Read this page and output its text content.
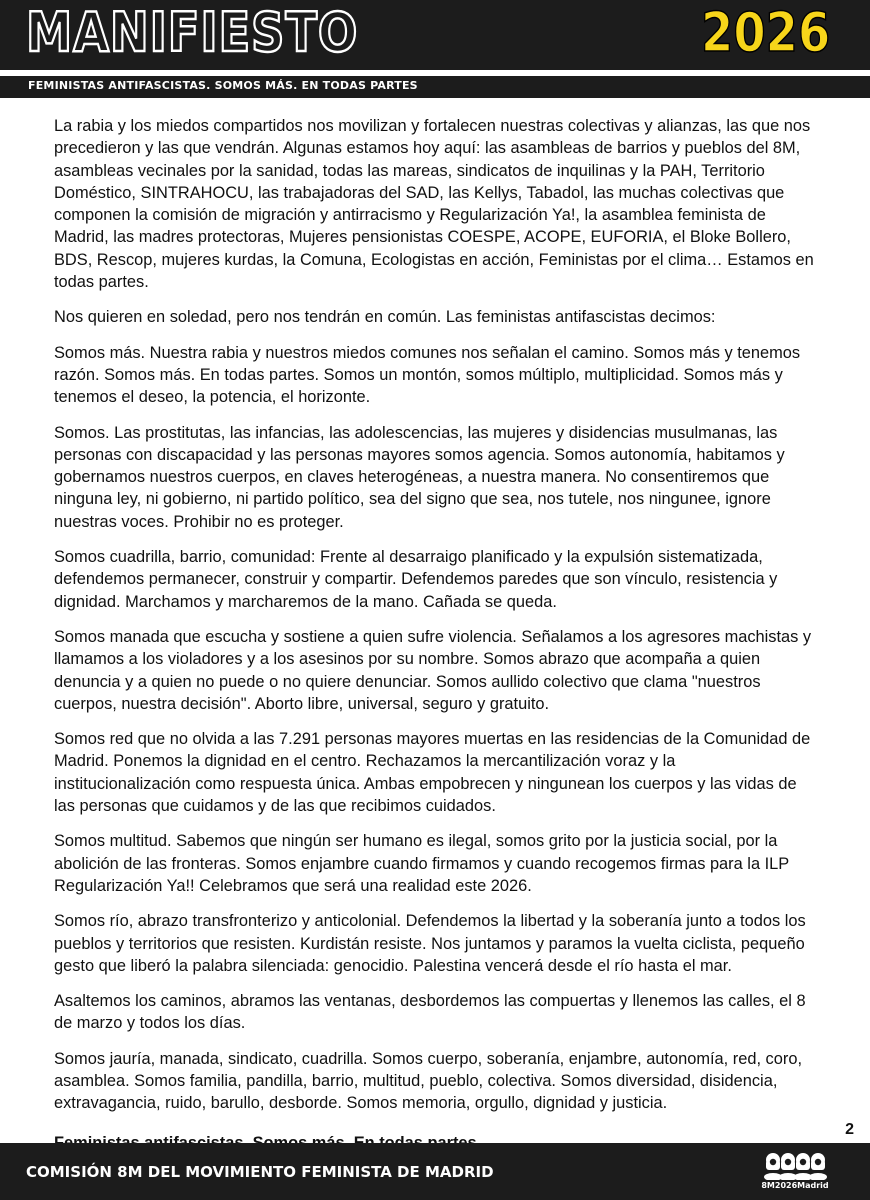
MANIFIESTO	2026
FEMINISTAS ANTIFASCISTAS. SOMOS MÁS. EN TODAS PARTES

La rabia y los miedos compartidos nos movilizan y fortalecen nuestras colectivas y alianzas, las que nos precedieron y las que vendrán. Algunas estamos hoy aquí: las asambleas de barrios y pueblos del 8M, asambleas vecinales por la sanidad, todas las mareas, sindicatos de inquilinas y la PAH, Territorio Doméstico, SINTRAHOCU, las trabajadoras del SAD, las Kellys, Tabadol, las muchas colectivas que componen la comisión de migración y antirracismo y Regularización Ya!, la asamblea feminista de Madrid, las madres protectoras, Mujeres pensionistas COESPE, ACOPE, EUFORIA, el Bloke Bollero, BDS, Rescop, mujeres kurdas, la Comuna, Ecologistas en acción, Feministas por el clima… Estamos en todas partes.

Nos quieren en soledad, pero nos tendrán en común. Las feministas antifascistas decimos:

Somos más. Nuestra rabia y nuestros miedos comunes nos señalan el camino. Somos más y tenemos razón. Somos más. En todas partes. Somos un montón, somos múltiplo, multiplicidad. Somos más y tenemos el deseo, la potencia, el horizonte.

Somos. Las prostitutas, las infancias, las adolescencias, las mujeres y disidencias musulmanas, las personas con discapacidad y las personas mayores somos agencia. Somos autonomía, habitamos y gobernamos nuestros cuerpos, en claves heterogéneas, a nuestra manera. No consentiremos que ninguna ley, ni gobierno, ni partido político, sea del signo que sea, nos tutele, nos ningunee, ignore nuestras voces. Prohibir no es proteger.

Somos cuadrilla, barrio, comunidad: Frente al desarraigo planificado y la expulsión sistematizada, defendemos permanecer, construir y compartir. Defendemos paredes que son vínculo, resistencia y dignidad. Marchamos y marcharemos de la mano. Cañada se queda.

Somos manada que escucha y sostiene a quien sufre violencia. Señalamos a los agresores machistas y llamamos a los violadores y a los asesinos por su nombre. Somos abrazo que acompaña a quien denuncia y a quien no puede o no quiere denunciar. Somos aullido colectivo que clama "nuestros cuerpos, nuestra decisión". Aborto libre, universal, seguro y gratuito.

Somos red que no olvida a las 7.291 personas mayores muertas en las residencias de la Comunidad de Madrid. Ponemos la dignidad en el centro. Rechazamos la mercantilización voraz y la institucionalización como respuesta única. Ambas empobrecen y ningunean los cuerpos y las vidas de las personas que cuidamos y de las que recibimos cuidados.

Somos multitud. Sabemos que ningún ser humano es ilegal, somos grito por la justicia social, por la abolición de las fronteras. Somos enjambre cuando firmamos y cuando recogemos firmas para la ILP Regularización Ya!! Celebramos que será una realidad este 2026.

Somos río, abrazo transfronterizo y anticolonial. Defendemos la libertad y la soberanía junto a todos los pueblos y territorios que resisten. Kurdistán resiste. Nos juntamos y paramos la vuelta ciclista, pequeño gesto que liberó la palabra silenciada: genocidio. Palestina vencerá desde el río hasta el mar.

Asaltemos los caminos, abramos las ventanas, desbordemos las compuertas y llenemos las calles, el 8 de marzo y todos los días.

Somos jauría, manada, sindicato, cuadrilla. Somos cuerpo, soberanía, enjambre, autonomía, red, coro, asamblea. Somos familia, pandilla, barrio, multitud, pueblo, colectiva. Somos diversidad, disidencia, extravagancia, ruido, barullo, desborde. Somos memoria, orgullo, dignidad y justicia.

2
COMISIÓN 8M DEL MOVIMIENTO FEMINISTA DE MADRID
8M2026Madrid
